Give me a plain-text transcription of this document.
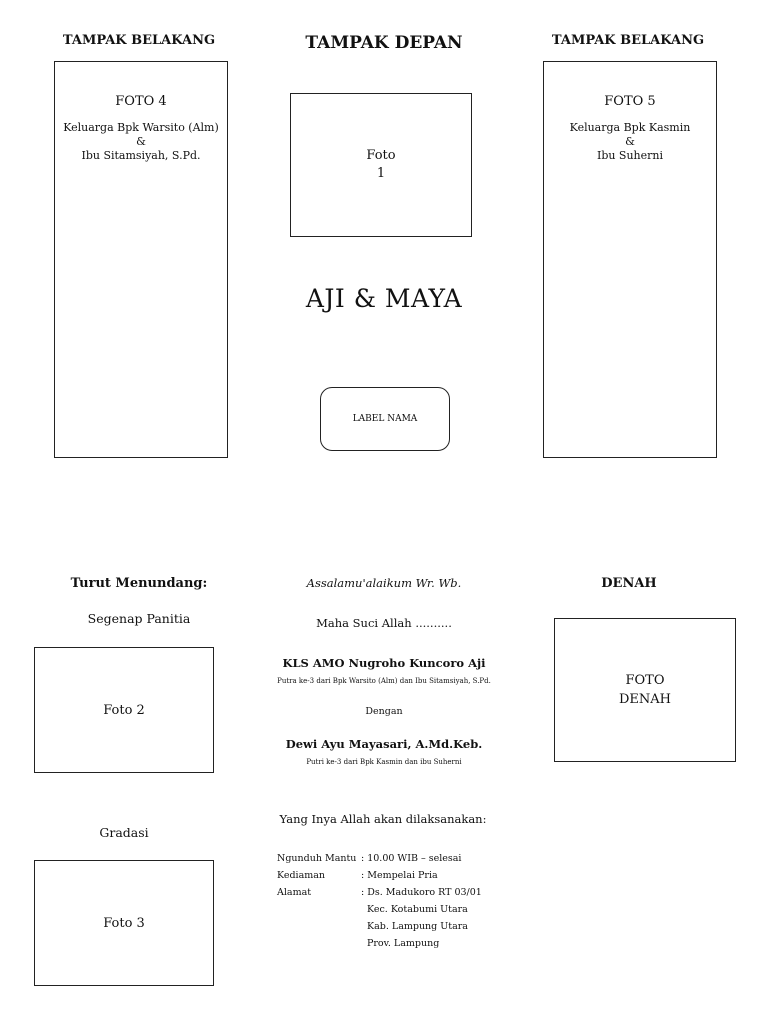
TAMPAK BELAKANG	TAMPAK DEPAN	TAMPAK BELAKANG
FOTO 4
Keluarga Bpk Warsito (Alm)
&
Ibu Sitamsiyah, S.Pd.	Foto
1
FOTO 5
Keluarga Bpk Kasmin
&
Ibu Suherni
AJI & MAYA
LABEL NAMA
Turut Menundang:
Segenap Panitia
Foto 2
Gradasi
Foto 3
Assalamu'alaikum Wr. Wb.
Maha Suci Allah ..........
KLS AMO Nugroho Kuncoro Aji
Putra ke-3 dari Bpk Warsito (Alm) dan Ibu Sitamsiyah, S.Pd.
Dengan
Dewi Ayu Mayasari, A.Md.Keb.
Putri ke-3 dari Bpk Kasmin dan ibu Suherni
Yang Inya Allah akan dilaksanakan:
Ngunduh Mantu : 10.00 WIB – selesai
Kediaman	: Mempelai Pria
Alamat	: Ds. Madukoro RT 03/01
Kec. Kotabumi Utara
Kab. Lampung Utara
Prov. Lampung
DENAH
FOTO
DENAH
